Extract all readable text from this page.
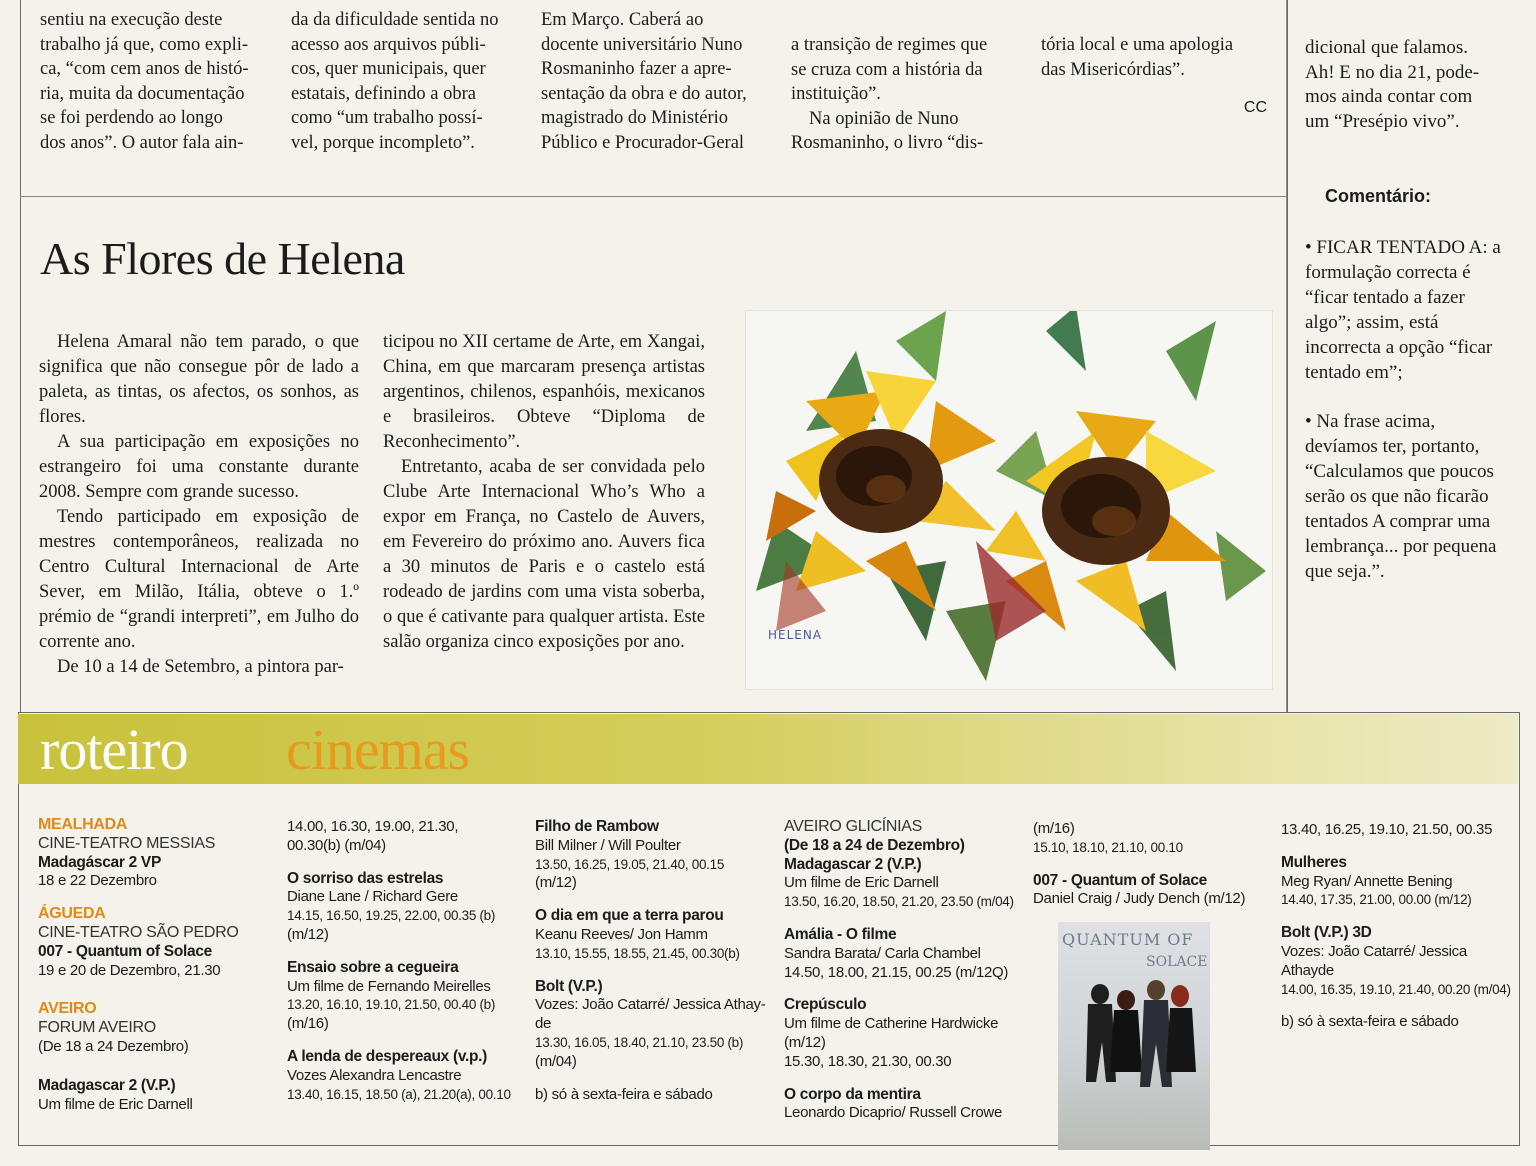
sentiu na execução deste

trabalho já que, como expli-

ca, “com cem anos de histó-

ria, muita da documentação

se foi perdendo ao longo

dos anos”. O autor fala ain-

da da dificuldade sentida no

acesso aos arquivos públi-

cos, quer municipais, quer

estatais, definindo a obra

como “um trabalho possí-

vel, porque incompleto”.

Em Março. Caberá ao

docente universitário Nuno

Rosmaninho fazer a apre-

sentação da obra e do autor,

magistrado do Ministério

Público e Procurador-Geral

a transição de regimes que

se cruza com a história da

instituição”.

Na opinião de Nuno

Rosmaninho, o livro “dis-

tória local e uma apologia

das Misericórdias”.

CC

dicional que falamos.

Ah! E no dia 21, pode-

mos ainda contar com

um “Presépio vivo”.

As Flores de Helena

Helena Amaral não tem parado, o que significa que não consegue pôr de lado a paleta, as tintas, os afectos, os sonhos, as flores.

A sua participação em exposições no estrangeiro foi uma constante durante 2008. Sempre com grande sucesso.

Tendo participado em exposição de mestres contemporâneos, realizada no Centro Cultural Internacional de Arte Sever, em Milão, Itália, obteve o 1.º prémio de “grandi interpreti”, em Julho do corrente ano.

De 10 a 14 de Setembro, a pintora par-

ticipou no XII certame de Arte, em Xangai, China, em que marcaram presença artistas argentinos, chilenos, espanhóis, mexicanos e brasileiros. Obteve “Diploma de Reconhecimento”.

Entretanto, acaba de ser convidada pelo Clube Arte Internacional Who’s Who a expor em França, no Castelo de Auvers, em Fevereiro do próximo ano. Auvers fica a 30 minutos de Paris e o castelo está rodeado de jardins com uma vista soberba, o que é cativante para qualquer artista. Este salão organiza cinco exposições por ano.	HELENA
Comentário:

• FICAR TENTADO A: a formulação correcta é “ficar tentado a fazer algo”; assim, está incorrecta a opção “ficar tentado em”;

• Na frase acima, devíamos ter, portanto, “Calculamos que poucos serão os que não ficarão tentados A comprar uma lembrança... por pequena que seja.”.

roteiro cinemas
MEALHADA
CINE-TEATRO MESSIAS
Madagáscar 2 VP
18 e 22 Dezembro
ÁGUEDA
CINE-TEATRO SÃO PEDRO
007 - Quantum of Solace
19 e 20 de Dezembro, 21.30
AVEIRO
FORUM AVEIRO
(De 18 a 24 Dezembro)
Madagascar 2 (V.P.)
Um filme de Eric Darnell
14.00, 16.30, 19.00, 21.30,
00.30(b) (m/04)
O sorriso das estrelas
Diane Lane / Richard Gere
14.15, 16.50, 19.25, 22.00, 00.35 (b)
(m/12)
Ensaio sobre a cegueira
Um filme de Fernando Meirelles
13.20, 16.10, 19.10, 21.50, 00.40 (b)
(m/16)
A lenda de despereaux (v.p.)
Vozes Alexandra Lencastre
13.40, 16.15, 18.50 (a), 21.20(a), 00.10
Filho de Rambow
Bill Milner / Will Poulter
13.50, 16.25, 19.05, 21.40, 00.15
(m/12)
O dia em que a terra parou
Keanu Reeves/ Jon Hamm
13.10, 15.55, 18.55, 21.45, 00.30(b)
Bolt (V.P.)
Vozes: João Catarré/ Jessica Athay-
de
13.30, 16.05, 18.40, 21.10, 23.50 (b)
(m/04)
b) só à sexta-feira e sábado
AVEIRO GLICÍNIAS
(De 18 a 24 de Dezembro)
Madagascar 2 (V.P.)
Um filme de Eric Darnell
13.50, 16.20, 18.50, 21.20, 23.50 (m/04)
Amália - O filme
Sandra Barata/ Carla Chambel
14.50, 18.00, 21.15, 00.25 (m/12Q)
Crepúsculo
Um filme de Catherine Hardwicke
(m/12)
15.30, 18.30, 21.30, 00.30
O corpo da mentira
Leonardo Dicaprio/ Russell Crowe
(m/16)
15.10, 18.10, 21.10, 00.10
007 - Quantum of Solace
Daniel Craig / Judy Dench (m/12)
13.40, 16.25, 19.10, 21.50, 00.35
Mulheres
Meg Ryan/ Annette Bening
14.40, 17.35, 21.00, 00.00 (m/12)
Bolt (V.P.) 3D
Vozes: João Catarré/ Jessica Athayde
14.00, 16.35, 19.10, 21.40, 00.20 (m/04)
b) só à sexta-feira e sábado
QUANTUM OF
SOLACE
